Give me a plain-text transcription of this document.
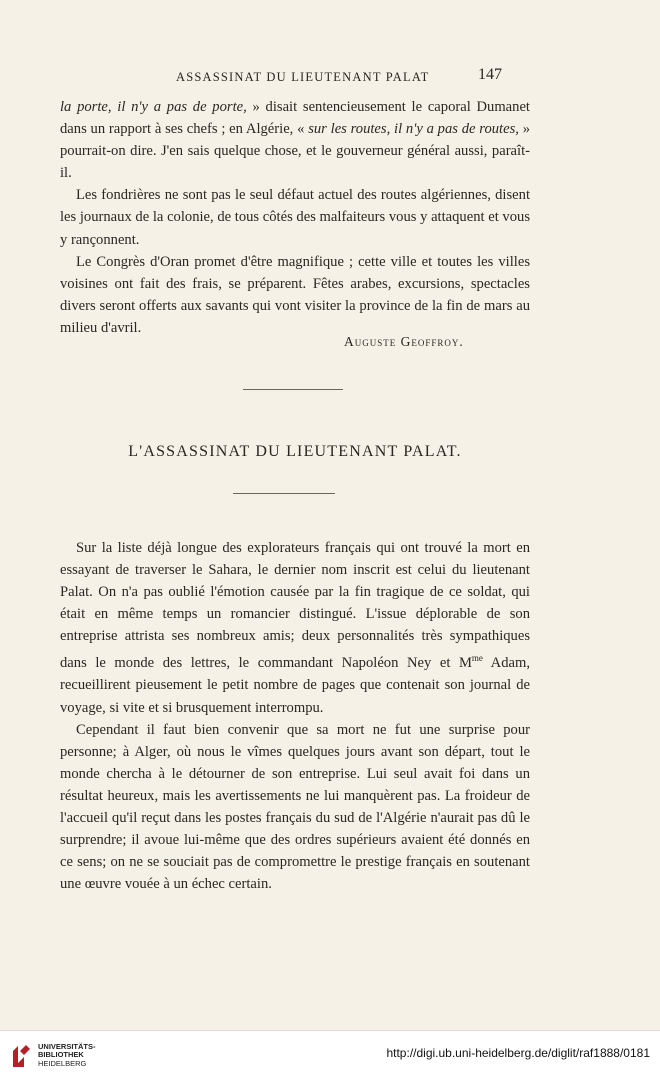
ASSASSINAT DU LIEUTENANT PALAT	147

la porte, il n'y a pas de porte, » disait sentencieusement le caporal Dumanet dans un rapport à ses chefs ; en Algérie, « sur les routes, il n'y a pas de routes, » pourrait-on dire. J'en sais quelque chose, et le gouverneur général aussi, paraît-il.

Les fondrières ne sont pas le seul défaut actuel des routes algériennes, disent les journaux de la colonie, de tous côtés des malfaiteurs vous y attaquent et vous y rançonnent.

Le Congrès d'Oran promet d'être magnifique ; cette ville et toutes les villes voisines ont fait des frais, se préparent. Fêtes arabes, excursions, spectacles divers seront offerts aux savants qui vont visiter la province de la fin de mars au milieu d'avril.

Auguste Geoffroy.
L'ASSASSINAT DU LIEUTENANT PALAT.

Sur la liste déjà longue des explorateurs français qui ont trouvé la mort en essayant de traverser le Sahara, le dernier nom inscrit est celui du lieutenant Palat. On n'a pas oublié l'émotion causée par la fin tragique de ce soldat, qui était en même temps un romancier distingué. L'issue déplorable de son entreprise attrista ses nombreux amis; deux personnalités très sympathiques dans le monde des lettres, le commandant Napoléon Ney et $M^{me}$ Adam, recueillirent pieusement le petit nombre de pages que contenait son journal de voyage, si vite et si brusquement interrompu.

Cependant il faut bien convenir que sa mort ne fut une surprise pour personne; à Alger, où nous le vîmes quelques jours avant son départ, tout le monde chercha à le détourner de son entreprise. Lui seul avait foi dans un résultat heureux, mais les avertissements ne lui manquèrent pas. La froideur de l'accueil qu'il reçut dans les postes français du sud de l'Algérie n'aurait pas dû le surprendre; il avoue lui-même que des ordres supérieurs avaient été donnés en ce sens; on ne se souciait pas de compromettre le prestige français en soutenant une œuvre vouée à un échec certain.

UNIVERSITÄTS-
BIBLIOTHEK
HEIDELBERG
http://digi.ub.uni-heidelberg.de/diglit/raf1888/0181
